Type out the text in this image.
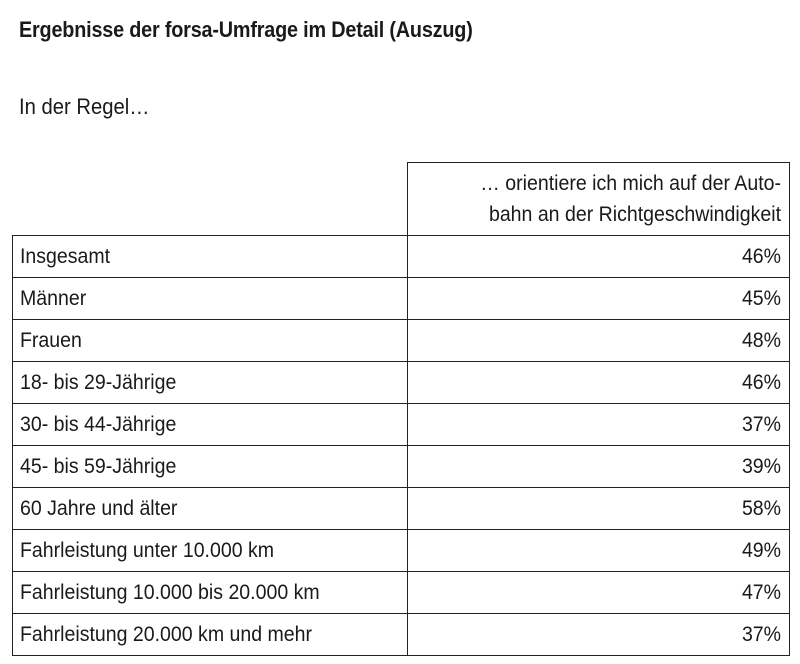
Ergebnisse der forsa-Umfrage im Detail (Auszug)
In der Regel…

	… orientiere ich mich auf der Auto-
bahn an der Richtgeschwindigkeit

Insgesamt	46%
Männer	45%
Frauen	48%
18- bis 29-Jährige	46%
30- bis 44-Jährige	37%
45- bis 59-Jährige	39%
60 Jahre und älter	58%
Fahrleistung unter 10.000 km	49%
Fahrleistung 10.000 bis 20.000 km	47%
Fahrleistung 20.000 km und mehr	37%
